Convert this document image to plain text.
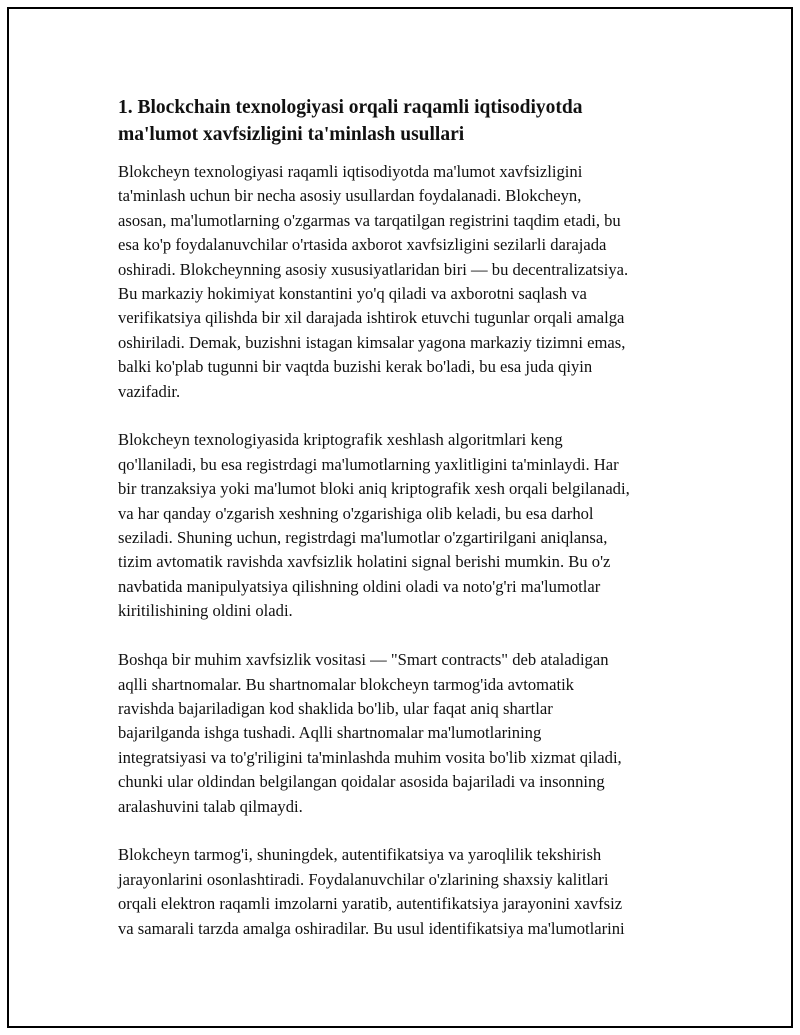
1. Blockchain texnologiyasi orqali raqamli iqtisodiyotda
ma'lumot xavfsizligini ta'minlash usullari

Blokcheyn texnologiyasi raqamli iqtisodiyotda ma'lumot xavfsizligini
ta'minlash uchun bir necha asosiy usullardan foydalanadi. Blokcheyn,
asosan, ma'lumotlarning o'zgarmas va tarqatilgan registrini taqdim etadi, bu
esa ko'p foydalanuvchilar o'rtasida axborot xavfsizligini sezilarli darajada
oshiradi. Blokcheynning asosiy xususiyatlaridan biri — bu decentralizatsiya.
Bu markaziy hokimiyat konstantini yo'q qiladi va axborotni saqlash va
verifikatsiya qilishda bir xil darajada ishtirok etuvchi tugunlar orqali amalga
oshiriladi. Demak, buzishni istagan kimsalar yagona markaziy tizimni emas,
balki ko'plab tugunni bir vaqtda buzishi kerak bo'ladi, bu esa juda qiyin
vazifadir.

Blokcheyn texnologiyasida kriptografik xeshlash algoritmlari keng
qo'llaniladi, bu esa registrdagi ma'lumotlarning yaxlitligini ta'minlaydi. Har
bir tranzaksiya yoki ma'lumot bloki aniq kriptografik xesh orqali belgilanadi,
va har qanday o'zgarish xeshning o'zgarishiga olib keladi, bu esa darhol
seziladi. Shuning uchun, registrdagi ma'lumotlar o'zgartirilgani aniqlansa,
tizim avtomatik ravishda xavfsizlik holatini signal berishi mumkin. Bu o'z
navbatida manipulyatsiya qilishning oldini oladi va noto'g'ri ma'lumotlar
kiritilishining oldini oladi.

Boshqa bir muhim xavfsizlik vositasi — "Smart contracts" deb ataladigan
aqlli shartnomalar. Bu shartnomalar blokcheyn tarmog'ida avtomatik
ravishda bajariladigan kod shaklida bo'lib, ular faqat aniq shartlar
bajarilganda ishga tushadi. Aqlli shartnomalar ma'lumotlarining
integratsiyasi va to'g'riligini ta'minlashda muhim vosita bo'lib xizmat qiladi,
chunki ular oldindan belgilangan qoidalar asosida bajariladi va insonning
aralashuvini talab qilmaydi.

Blokcheyn tarmog'i, shuningdek, autentifikatsiya va yaroqlilik tekshirish
jarayonlarini osonlashtiradi. Foydalanuvchilar o'zlarining shaxsiy kalitlari
orqali elektron raqamli imzolarni yaratib, autentifikatsiya jarayonini xavfsiz
va samarali tarzda amalga oshiradilar. Bu usul identifikatsiya ma'lumotlarini
